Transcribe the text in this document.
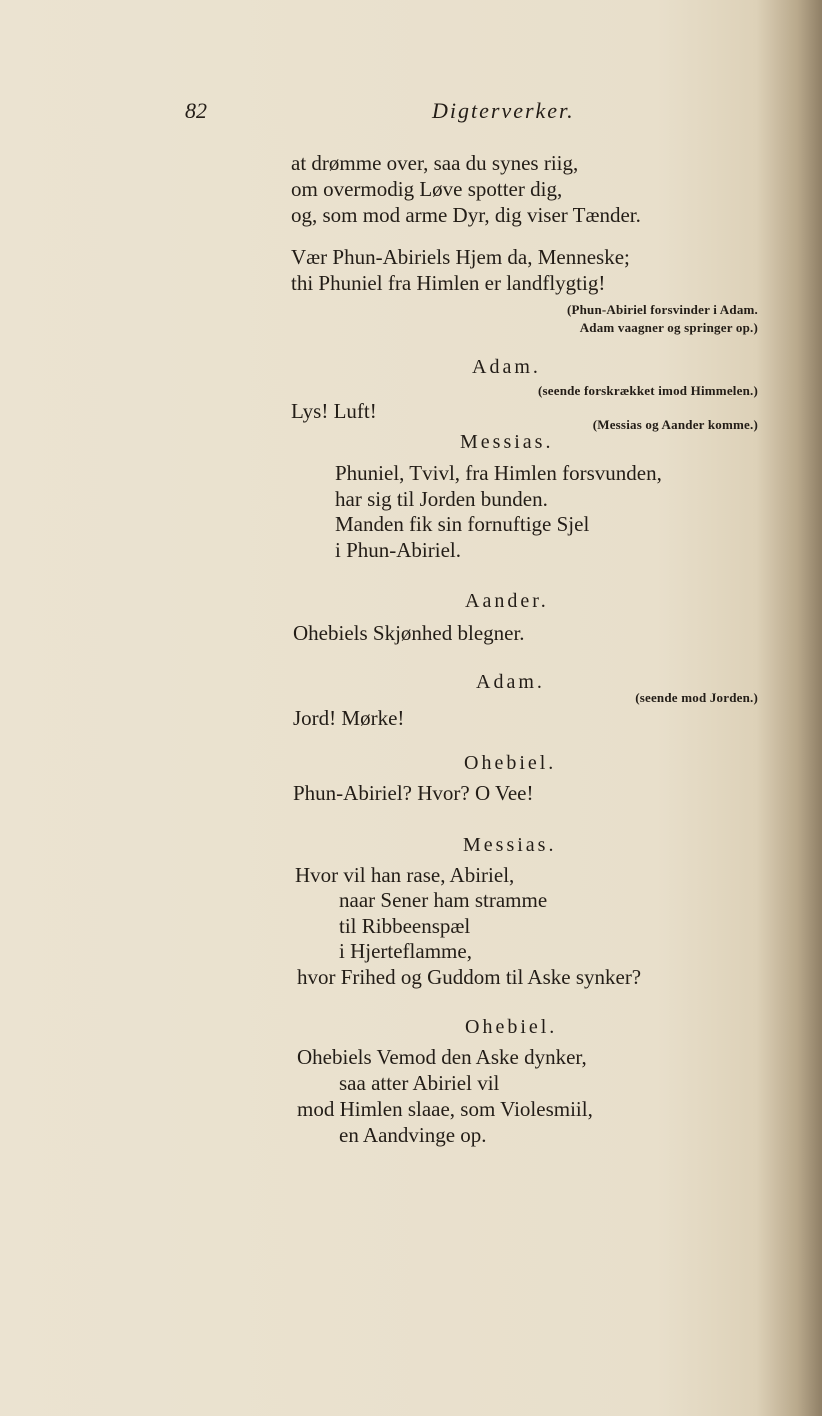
82	Digterverker.
at drømme over, saa du synes riig,
om overmodig Løve spotter dig,
og, som mod arme Dyr, dig viser Tænder.
Vær Phun-Abiriels Hjem da, Menneske;
thi Phuniel fra Himlen er landflygtig!
(Phun-Abiriel forsvinder i Adam.
Adam vaagner og springer op.)
Adam.
(seende forskrækket imod Himmelen.)
Lys! Luft!
(Messias og Aander komme.)
Messias.
Phuniel, Tvivl, fra Himlen forsvunden,
har sig til Jorden bunden.
Manden fik sin fornuftige Sjel
i Phun-Abiriel.
Aander.
Ohebiels Skjønhed blegner.
Adam.
(seende mod Jorden.)
Jord! Mørke!
Ohebiel.
Phun-Abiriel? Hvor? O Vee!
Messias.
Hvor vil han rase, Abiriel,
naar Sener ham stramme
til Ribbeenspæl
i Hjerteflamme,
hvor Frihed og Guddom til Aske synker?
Ohebiel.
Ohebiels Vemod den Aske dynker,
saa atter Abiriel vil
mod Himlen slaae, som Violesmiil,
en Aandvinge op.
